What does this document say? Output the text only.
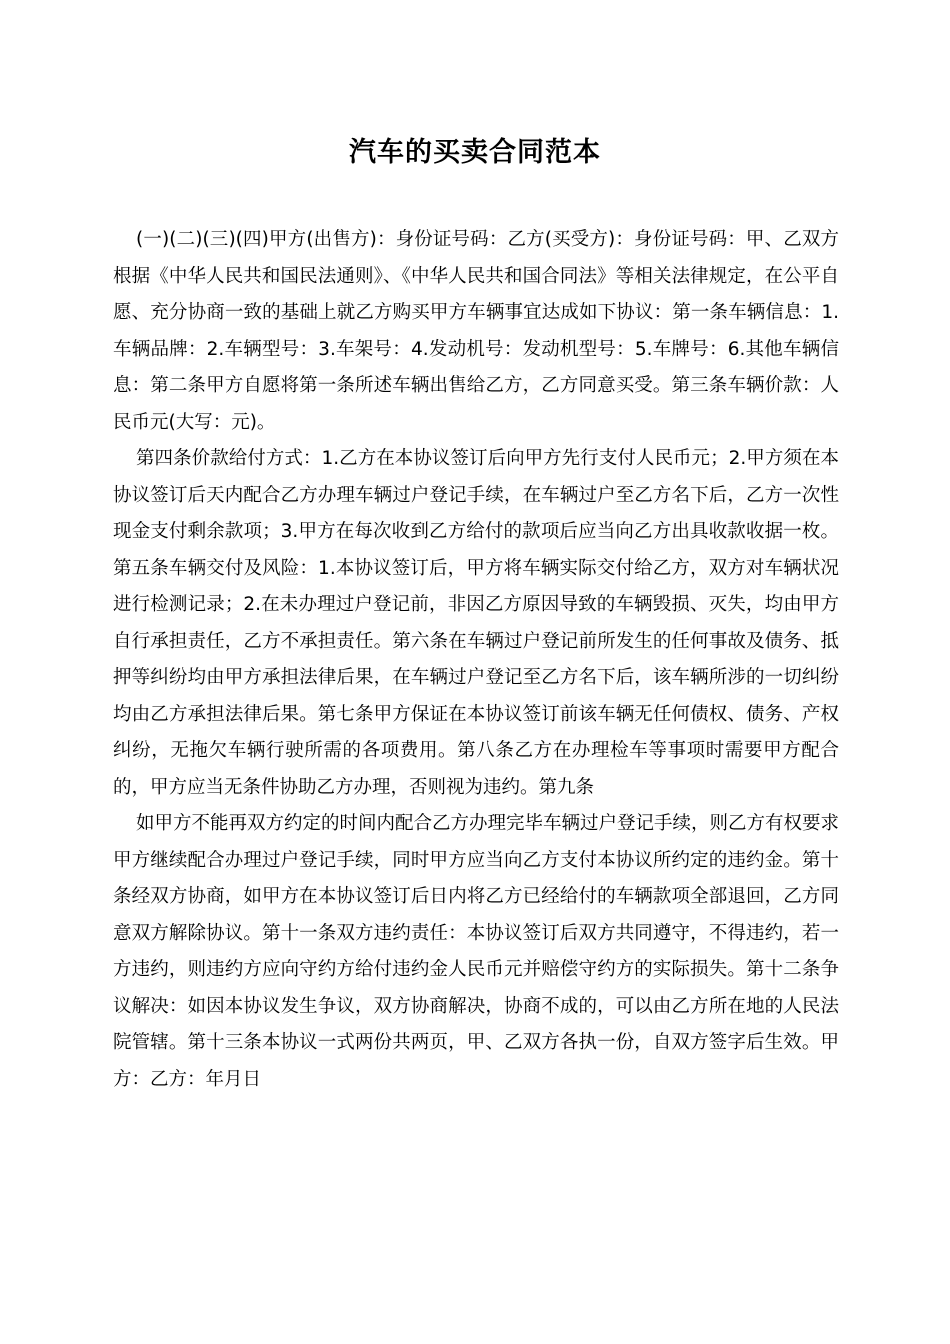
汽车的买卖合同范本

(一)(二)(三)(四)甲方(出售方)：身份证号码：乙方(买受方)：身份证号码：甲、乙双方根据《中华人民共和国民法通则》、《中华人民共和国合同法》等相关法律规定，在公平自愿、充分协商一致的基础上就乙方购买甲方车辆事宜达成如下协议：第一条车辆信息：1.车辆品牌：2.车辆型号：3.车架号：4.发动机号：发动机型号：5.车牌号：6.其他车辆信息：第二条甲方自愿将第一条所述车辆出售给乙方，乙方同意买受。第三条车辆价款：人民币元(大写：元)。

第四条价款给付方式：1.乙方在本协议签订后向甲方先行支付人民币元；2.甲方须在本协议签订后天内配合乙方办理车辆过户登记手续，在车辆过户至乙方名下后，乙方一次性现金支付剩余款项；3.甲方在每次收到乙方给付的款项后应当向乙方出具收款收据一枚。第五条车辆交付及风险：1.本协议签订后，甲方将车辆实际交付给乙方，双方对车辆状况进行检测记录；2.在未办理过户登记前，非因乙方原因导致的车辆毁损、灭失，均由甲方自行承担责任，乙方不承担责任。第六条在车辆过户登记前所发生的任何事故及债务、抵押等纠纷均由甲方承担法律后果，在车辆过户登记至乙方名下后，该车辆所涉的一切纠纷均由乙方承担法律后果。第七条甲方保证在本协议签订前该车辆无任何债权、债务、产权纠纷，无拖欠车辆行驶所需的各项费用。第八条乙方在办理检车等事项时需要甲方配合的，甲方应当无条件协助乙方办理，否则视为违约。第九条

如甲方不能再双方约定的时间内配合乙方办理完毕车辆过户登记手续，则乙方有权要求甲方继续配合办理过户登记手续，同时甲方应当向乙方支付本协议所约定的违约金。第十条经双方协商，如甲方在本协议签订后日内将乙方已经给付的车辆款项全部退回，乙方同意双方解除协议。第十一条双方违约责任：本协议签订后双方共同遵守，不得违约，若一方违约，则违约方应向守约方给付违约金人民币元并赔偿守约方的实际损失。第十二条争议解决：如因本协议发生争议，双方协商解决，协商不成的，可以由乙方所在地的人民法院管辖。第十三条本协议一式两份共两页，甲、乙双方各执一份，自双方签字后生效。甲方：乙方：年月日
